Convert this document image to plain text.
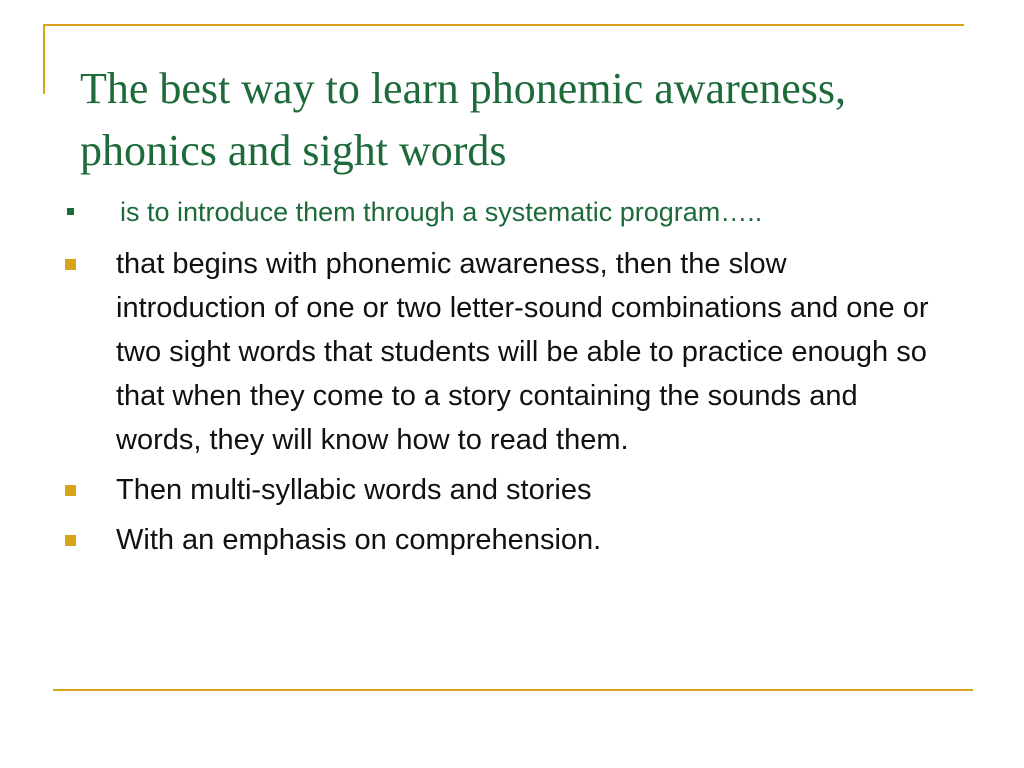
The best way to learn phonemic awareness, phonics and sight words
is to introduce them through a systematic program…..
that begins with phonemic awareness, then the slow introduction of one or two letter-sound combinations and one or two sight words that students will be able to practice enough so that when they come to a story containing the sounds and words, they will know how to read them.
Then multi-syllabic words and stories
With an emphasis on comprehension.
